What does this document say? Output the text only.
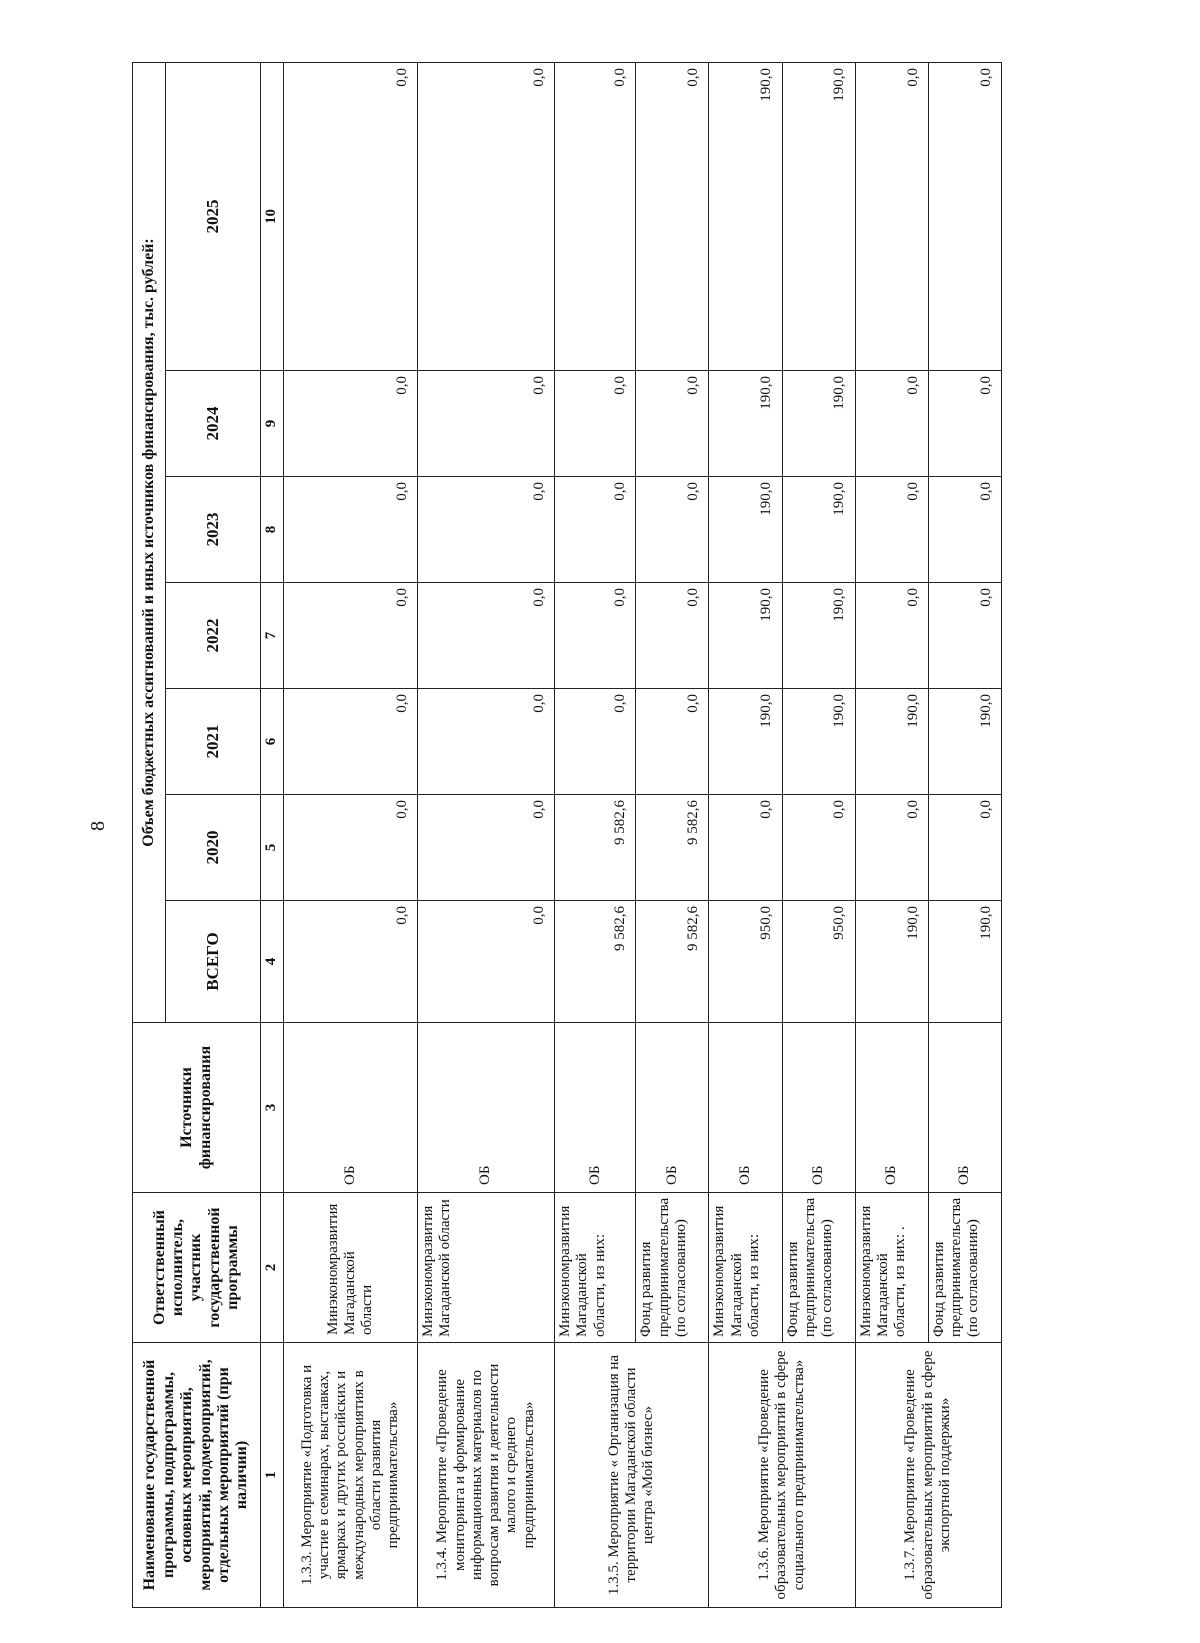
8
Наименование государственной программы, подпрограммы, основных мероприятий, мероприятий, подмероприятий, отдельных мероприятий (при наличии)	Ответственный исполнитель, участник государственной программы	Источники финансирования	Объем бюджетных ассигнований и иных источников финансирования, тыс. рублей:						
			ВСЕГО	2020	2021	2022	2023	2024	2025
1	2	3	4	5	6	7	8	9	10
1.3.3. Мероприятие «Подготовка и участие в семинарах, выставках, ярмарках и других российских и международных мероприятиях в области развития предпринимательства»	Минэкономразвития Магаданской области	ОБ	0,0	0,0	0,0	0,0	0,0	0,0	0,0
1.3.4. Мероприятие «Проведение мониторинга и формирование информационных материалов по вопросам развития и деятельности малого и среднего предпринимательства»	Минэкономразвития Магаданской области	ОБ	0,0	0,0	0,0	0,0	0,0	0,0	0,0
1.3.5. Мероприятие « Организация на территории Магаданской области центра «Мой бизнес»	Минэкономразвития Магаданской области, из них:	ОБ	9 582,6	9 582,6	0,0	0,0	0,0	0,0	0,0
	Фонд развития предпринимательства (по согласованию)	ОБ	9 582,6	9 582,6	0,0	0,0	0,0	0,0	0,0
1.3.6. Мероприятие «Проведение образовательных мероприятий в сфере социального предпринимательства»	Минэкономразвития Магаданской области, из них:	ОБ	950,0	0,0	190,0	190,0	190,0	190,0	190,0
	Фонд развития предпринимательства (по согласованию)	ОБ	950,0	0,0	190,0	190,0	190,0	190,0	190,0
1.3.7. Мероприятие «Проведение образовательных мероприятий в сфере экспортной поддержки»	Минэкономразвития Магаданской области, из них: .	ОБ	190,0	0,0	190,0	0,0	0,0	0,0	0,0
	Фонд развития предпринимательства (по согласованию)	ОБ	190,0	0,0	190,0	0,0	0,0	0,0	0,0
